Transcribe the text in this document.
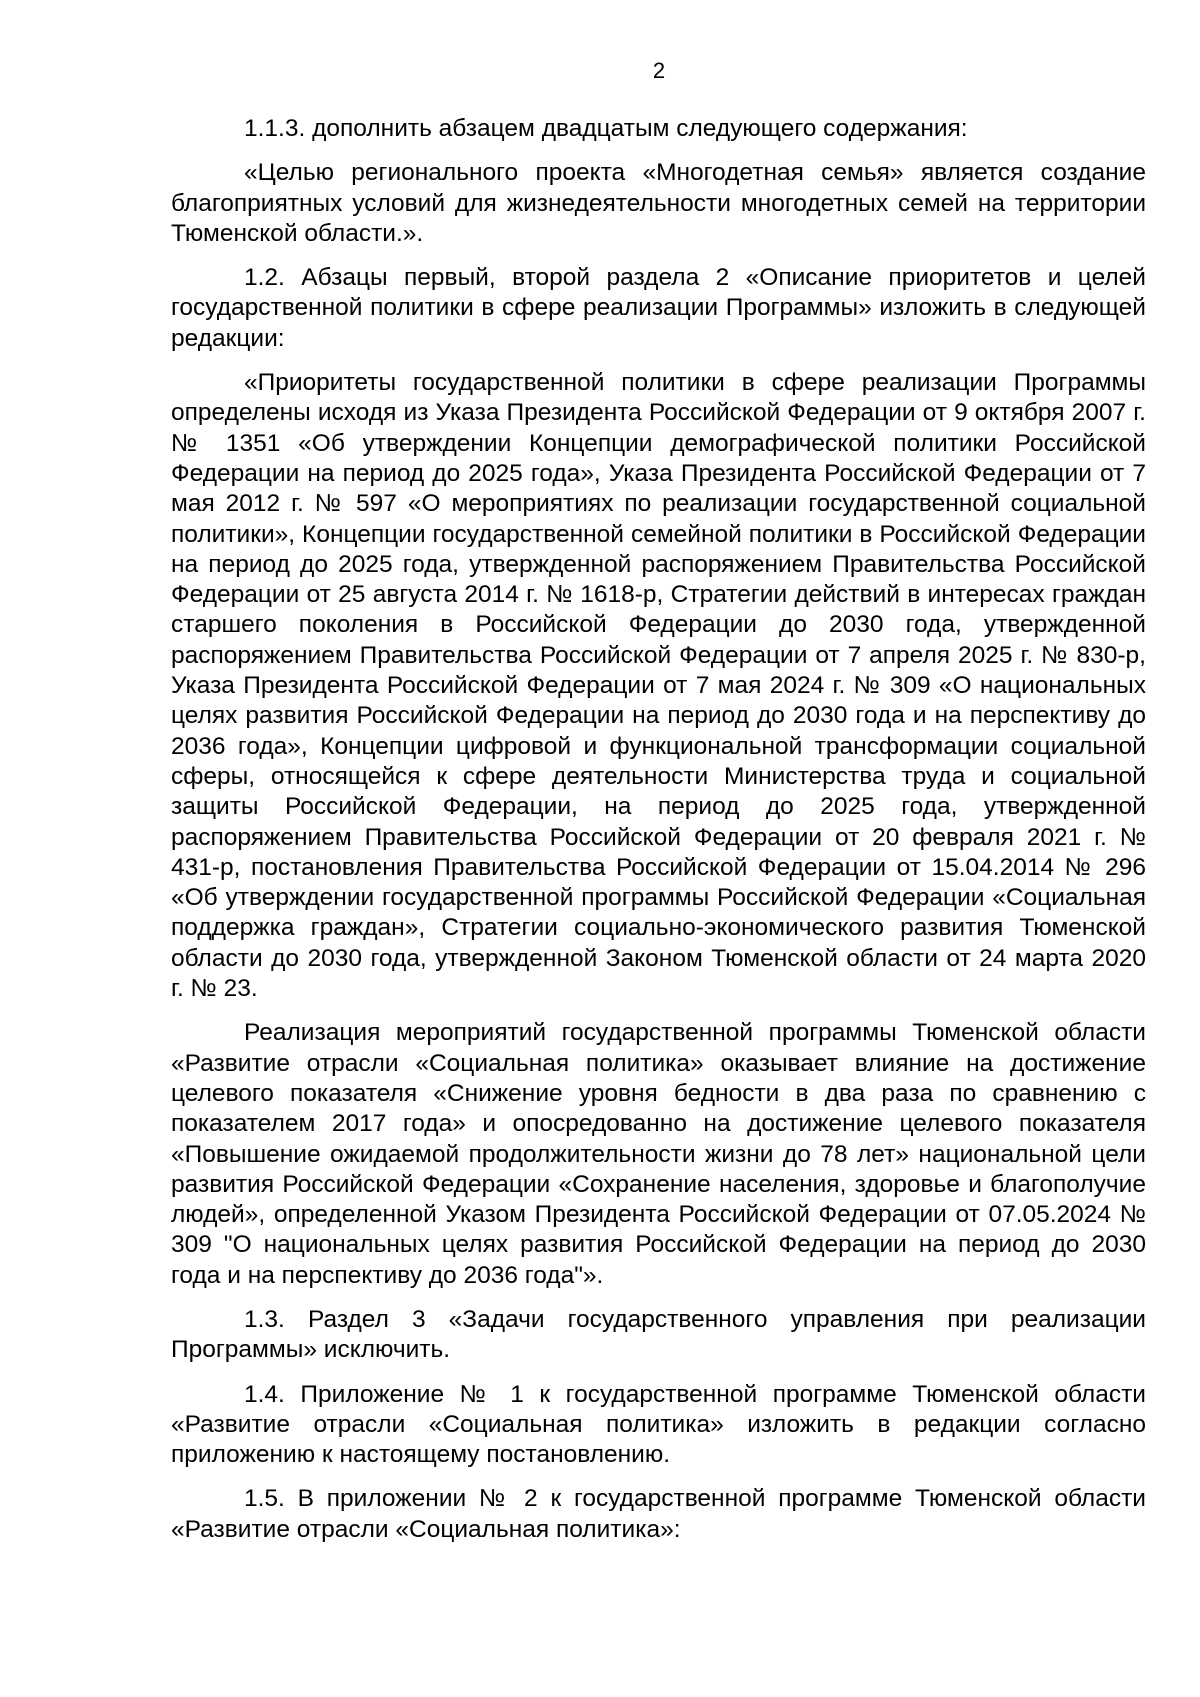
2

1.1.3. дополнить абзацем двадцатым следующего содержания:

«Целью регионального проекта «Многодетная семья» является создание благоприятных условий для жизнедеятельности многодетных семей на территории Тюменской области.».

1.2. Абзацы первый, второй раздела 2 «Описание приоритетов и целей государственной политики в сфере реализации Программы» изложить в следующей редакции:

«Приоритеты государственной политики в сфере реализации Программы определены исходя из Указа Президента Российской Федерации от 9 октября 2007 г. № 1351 «Об утверждении Концепции демографической политики Российской Федерации на период до 2025 года», Указа Президента Российской Федерации от 7 мая 2012 г. № 597 «О мероприятиях по реализации государственной социальной политики», Концепции государственной семейной политики в Российской Федерации на период до 2025 года, утвержденной распоряжением Правительства Российской Федерации от 25 августа 2014 г. № 1618-р, Стратегии действий в интересах граждан старшего поколения в Российской Федерации до 2030 года, утвержденной распоряжением Правительства Российской Федерации от 7 апреля 2025 г. № 830-р, Указа Президента Российской Федерации от 7 мая 2024 г. № 309 «О национальных целях развития Российской Федерации на период до 2030 года и на перспективу до 2036 года», Концепции цифровой и функциональной трансформации социальной сферы, относящейся к сфере деятельности Министерства труда и социальной защиты Российской Федерации, на период до 2025 года, утвержденной распоряжением Правительства Российской Федерации от 20 февраля 2021 г. № 431-р, постановления Правительства Российской Федерации от 15.04.2014 № 296 «Об утверждении государственной программы Российской Федерации «Социальная поддержка граждан», Стратегии социально-экономического развития Тюменской области до 2030 года, утвержденной Законом Тюменской области от 24 марта 2020 г. № 23.

Реализация мероприятий государственной программы Тюменской области «Развитие отрасли «Социальная политика» оказывает влияние на достижение целевого показателя «Снижение уровня бедности в два раза по сравнению с показателем 2017 года» и опосредованно на достижение целевого показателя «Повышение ожидаемой продолжительности жизни до 78 лет» национальной цели развития Российской Федерации «Сохранение населения, здоровье и благополучие людей», определенной Указом Президента Российской Федерации от 07.05.2024 № 309 "О национальных целях развития Российской Федерации на период до 2030 года и на перспективу до 2036 года"».

1.3. Раздел 3 «Задачи государственного управления при реализации Программы» исключить.

1.4. Приложение № 1 к государственной программе Тюменской области «Развитие отрасли «Социальная политика» изложить в редакции согласно приложению к настоящему постановлению.

1.5. В приложении № 2 к государственной программе Тюменской области «Развитие отрасли «Социальная политика»:
